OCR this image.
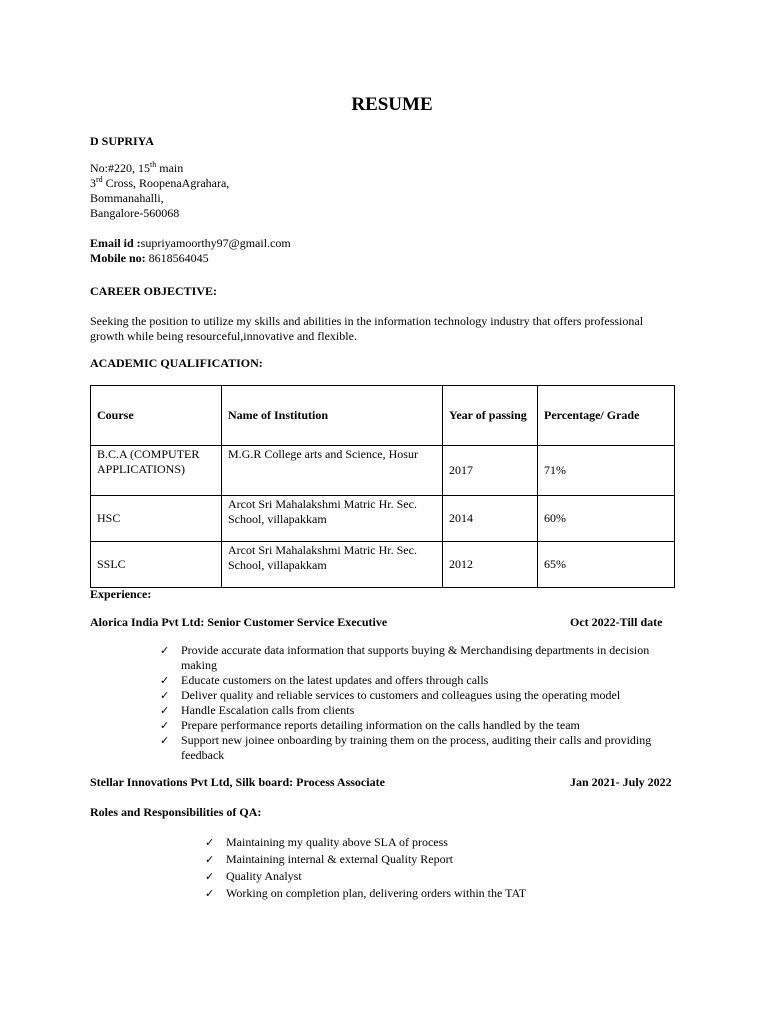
RESUME
D SUPRIYA
No:#220, 15th main
3rd Cross, RoopenaAgrahara,
Bommanahalli,
Bangalore-560068
Email id :supriyamoorthy97@gmail.com
Mobile no: 8618564045
CAREER OBJECTIVE:
Seeking the position to utilize my skills and abilities in the information technology industry that offers professional
growth while being resourceful,innovative and flexible.
ACADEMIC QUALIFICATION:
Course	Name of Institution	Year of passing	Percentage/ Grade
B.C.A (COMPUTER APPLICATIONS)	M.G.R College arts and Science, Hosur	2017	71%
HSC	Arcot Sri Mahalakshmi Matric Hr. Sec. School, villapakkam	2014	60%
SSLC	Arcot Sri Mahalakshmi Matric Hr. Sec. School, villapakkam	2012	65%
Experience:
Alorica India Pvt Ltd: Senior Customer Service Executive	Oct 2022-Till date
✓ Provide accurate data information that supports buying & Merchandising departments in decision making
✓ Educate customers on the latest updates and offers through calls
✓ Deliver quality and reliable services to customers and colleagues using the operating model
✓ Handle Escalation calls from clients
✓ Prepare performance reports detailing information on the calls handled by the team
✓ Support new joinee onboarding by training them on the process, auditing their calls and providing feedback
Stellar Innovations Pvt Ltd, Silk board: Process Associate	Jan 2021- July 2022
Roles and Responsibilities of QA:
✓ Maintaining my quality above SLA of process
✓ Maintaining internal & external Quality Report
✓ Quality Analyst
✓ Working on completion plan, delivering orders within the TAT
